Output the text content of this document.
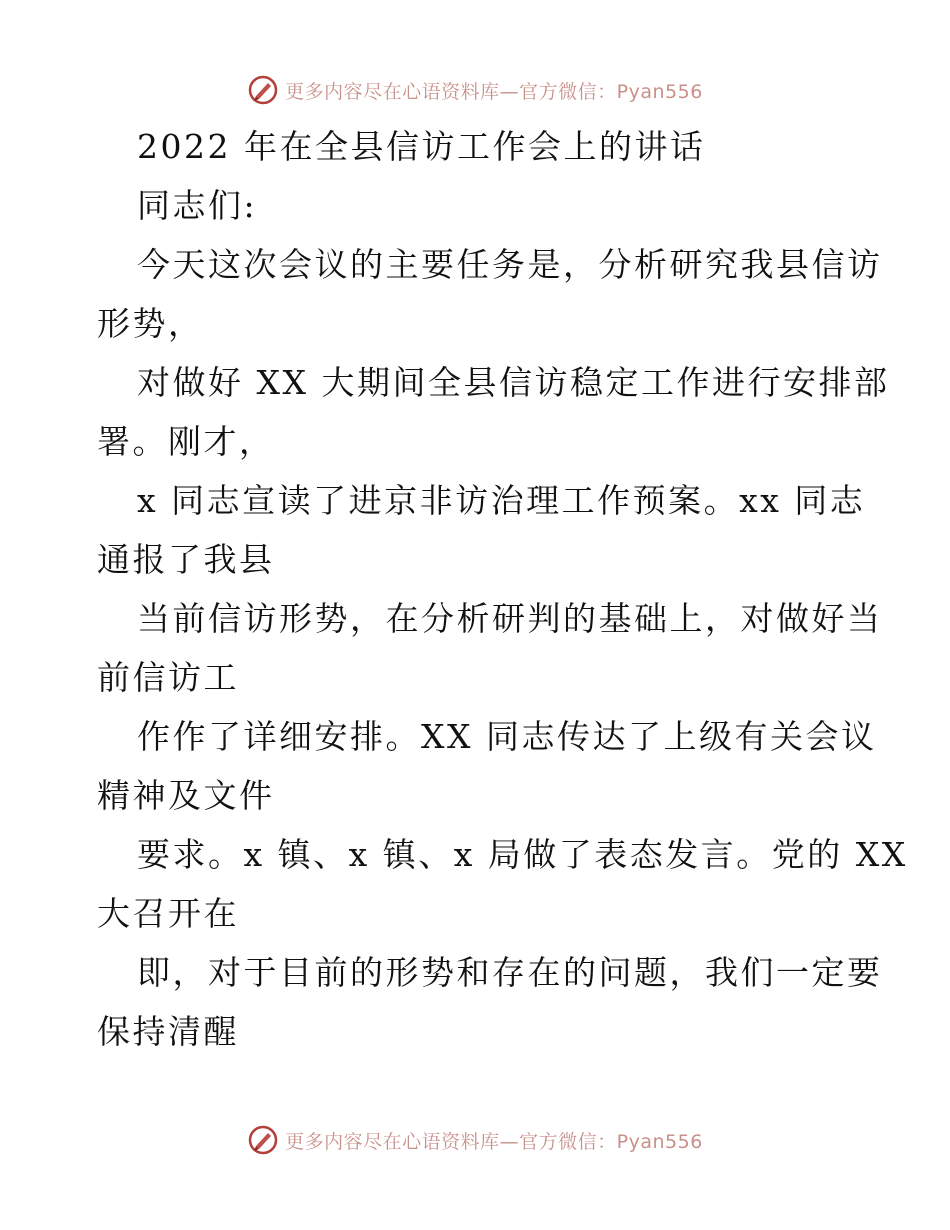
更多内容尽在心语资料库—官方微信：Pyan556
2022 年在全县信访工作会上的讲话
同志们:
今天这次会议的主要任务是，分析研究我县信访
形势，
对做好 XX 大期间全县信访稳定工作进行安排部
署。刚才，
x 同志宣读了进京非访治理工作预案。xx 同志
通报了我县
当前信访形势，在分析研判的基础上，对做好当
前信访工
作作了详细安排。XX 同志传达了上级有关会议
精神及文件
要求。x 镇、x 镇、x 局做了表态发言。党的 XX
大召开在
即，对于目前的形势和存在的问题，我们一定要
保持清醒
更多内容尽在心语资料库—官方微信：Pyan556
